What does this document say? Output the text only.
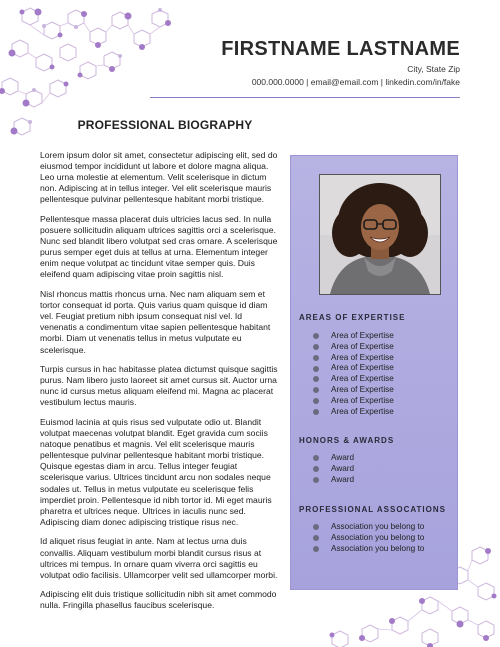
FIRSTNAME LASTNAME
City, State Zip
000.000.0000 | email@email.com | linkedin.com/in/fake
PROFESSIONAL BIOGRAPHY

Lorem ipsum dolor sit amet, consectetur adipiscing elit, sed do eiusmod tempor incididunt ut labore et dolore magna aliqua. Leo urna molestie at elementum. Velit scelerisque in dictum non. Adipiscing at in tellus integer. Vel elit scelerisque mauris pellentesque pulvinar pellentesque habitant morbi tristique.

Pellentesque massa placerat duis ultricies lacus sed. In nulla posuere sollicitudin aliquam ultrices sagittis orci a scelerisque. Nunc sed blandit libero volutpat sed cras ornare. A scelerisque purus semper eget duis at tellus at urna. Elementum integer enim neque volutpat ac tincidunt vitae semper quis. Duis eleifend quam adipiscing vitae proin sagittis nisl.

Nisl rhoncus mattis rhoncus urna. Nec nam aliquam sem et tortor consequat id porta. Quis varius quam quisque id diam vel. Feugiat pretium nibh ipsum consequat nisl vel. Id venenatis a condimentum vitae sapien pellentesque habitant morbi. Diam ut venenatis tellus in metus vulputate eu scelerisque.

Turpis cursus in hac habitasse platea dictumst quisque sagittis purus. Nam libero justo laoreet sit amet cursus sit. Auctor urna nunc id cursus metus aliquam eleifend mi. Magna ac placerat vestibulum lectus mauris.

Euismod lacinia at quis risus sed vulputate odio ut. Blandit volutpat maecenas volutpat blandit. Eget gravida cum sociis natoque penatibus et magnis. Vel elit scelerisque mauris pellentesque pulvinar pellentesque habitant morbi tristique. Quisque egestas diam in arcu. Tellus integer feugiat scelerisque varius. Ultrices tincidunt arcu non sodales neque sodales ut. Tellus in metus vulputate eu scelerisque felis imperdiet proin. Pellentesque id nibh tortor id. Mi eget mauris pharetra et ultrices neque. Ultrices in iaculis nunc sed. Adipiscing diam donec adipiscing tristique risus nec.

Id aliquet risus feugiat in ante. Nam at lectus urna duis convallis. Aliquam vestibulum morbi blandit cursus risus at ultrices mi tempus. In ornare quam viverra orci sagittis eu volutpat odio facilisis. Ullamcorper velit sed ullamcorper morbi.

Adipiscing elit duis tristique sollicitudin nibh sit amet commodo nulla. Fringilla phasellus faucibus scelerisque.

AREAS OF EXPERTISE
Area of Expertise
Area of Expertise
Area of Expertise
Area of Expertise
Area of Expertise
Area of Expertise
Area of Expertise
Area of Expertise
HONORS & AWARDS
Award
Award
Award
PROFESSIONAL ASSOCATIONS
Association you belong to
Association you belong to
Association you belong to
